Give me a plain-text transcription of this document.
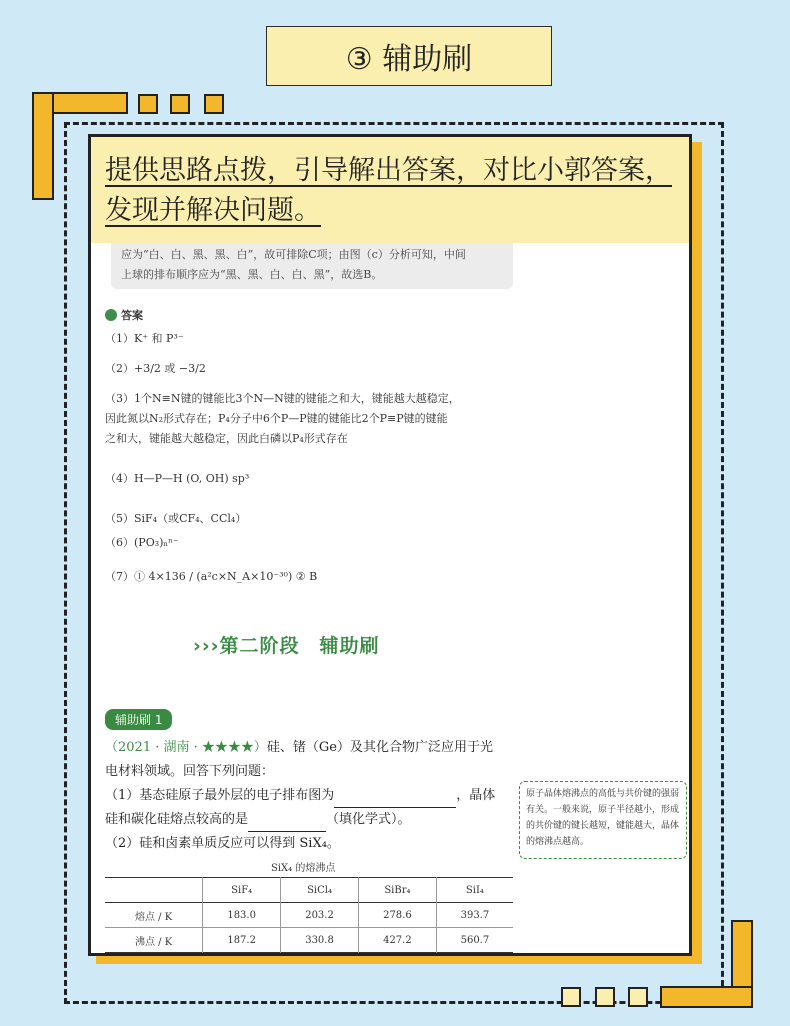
③ 辅助刷
提供思路点拨，引导解出答案，对比小郭答案，发现并解决问题。
应为“白、白、黑、黑、白”，故可排除C项；由图（c）分析可知，中间
上球的排布顺序应为“黑、黑、白、白、黑”，故选B。
答案
（1）K⁺ 和 P³⁻
（2）+3/2 或 −3/2
（3）1个N≡N键的键能比3个N—N键的键能之和大，键能越大越稳定，
因此氮以N₂形式存在；P₄分子中6个P—P键的键能比2个P≡P键的键能
之和大，键能越大越稳定，因此白磷以P₄形式存在
（4）H—P—H (O, OH) sp³
（5）SiF₄（或CF₄、CCl₄）
（6）(PO₃)ₙⁿ⁻
（7）① 4×136 / (a²c×N_A×10⁻³⁰) ② B
›››第二阶段　辅助刷
辅助刷 1
（2021 · 湖南 · ★★★★）硅、锗（Ge）及其化合物广泛应用于光
电材料领域。回答下列问题：
（1）基态硅原子最外层的电子排布图为	，晶体
硅和碳化硅熔点较高的是	（填化学式）。
（2）硅和卤素单质反应可以得到 SiX₄。
原子晶体熔沸点的高低与共价键的强弱有关。一般来说，原子半径越小，形成的共价键的键长越短，键能越大，晶体的熔沸点越高。
SiX₄ 的熔沸点
	SiF₄	SiCl₄	SiBr₄	SiI₄
熔点 / K	183.0	203.2	278.6	393.7
沸点 / K	187.2	330.8	427.2	560.7
